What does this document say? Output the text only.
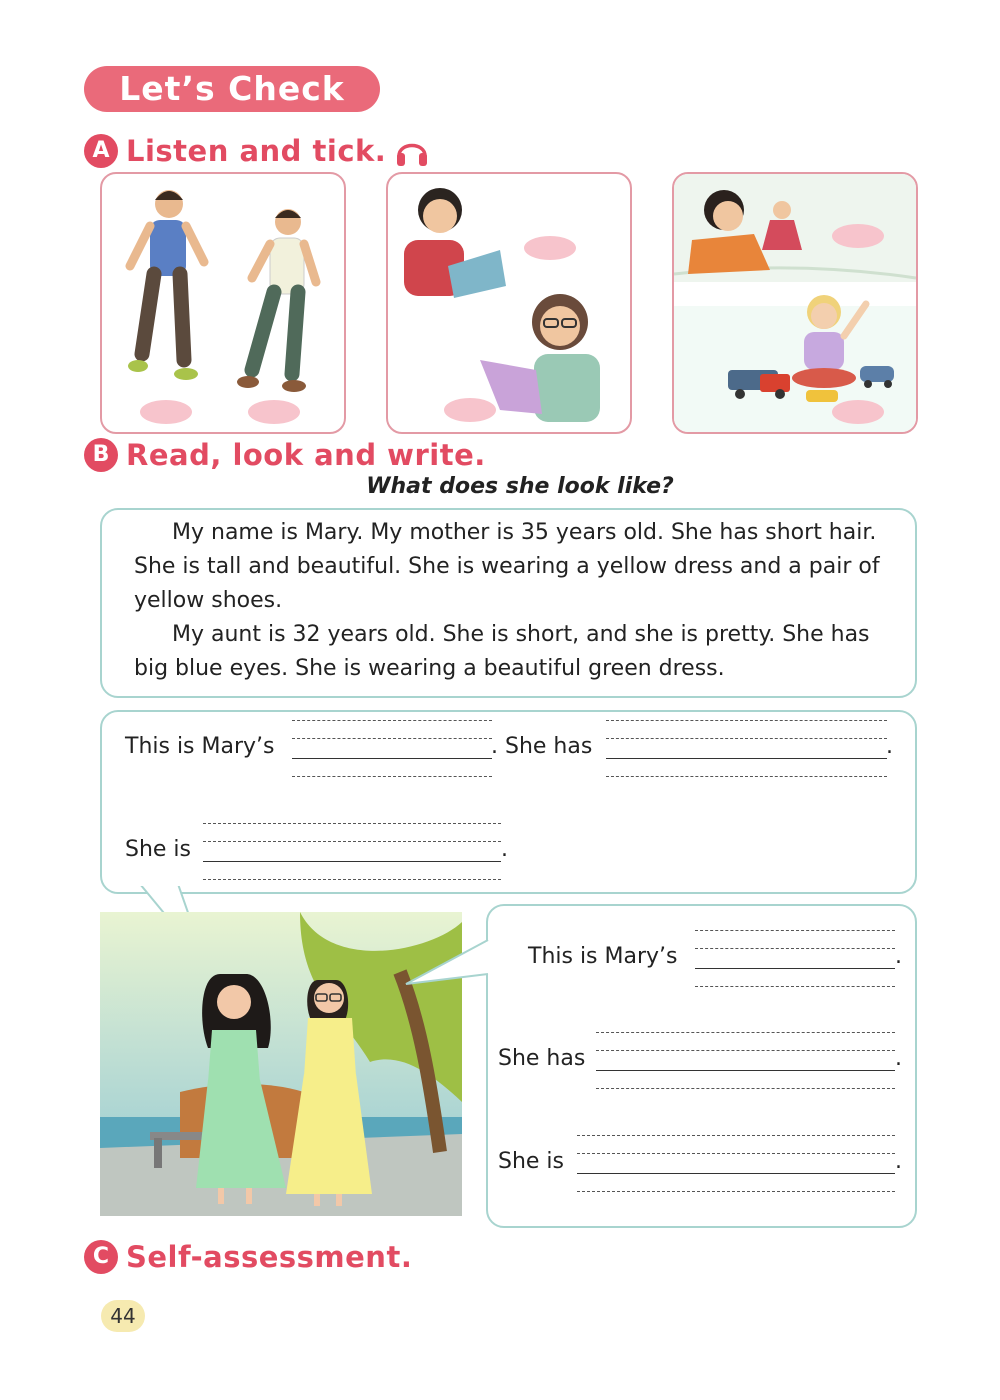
Let’s Check
A Listen and tick.
B Read, look and write.
What does she look like?

My name is Mary. My mother is 35 years old. She has short hair. She is tall and beautiful. She is wearing a yellow dress and a pair of yellow shoes.

My aunt is 32 years old. She is short, and she is pretty. She has big blue eyes. She is wearing a beautiful green dress.

This is Mary’s	. She has	.
She is	.
This is Mary’s	.
She has	.
She is	.
C Self-assessment.
44
